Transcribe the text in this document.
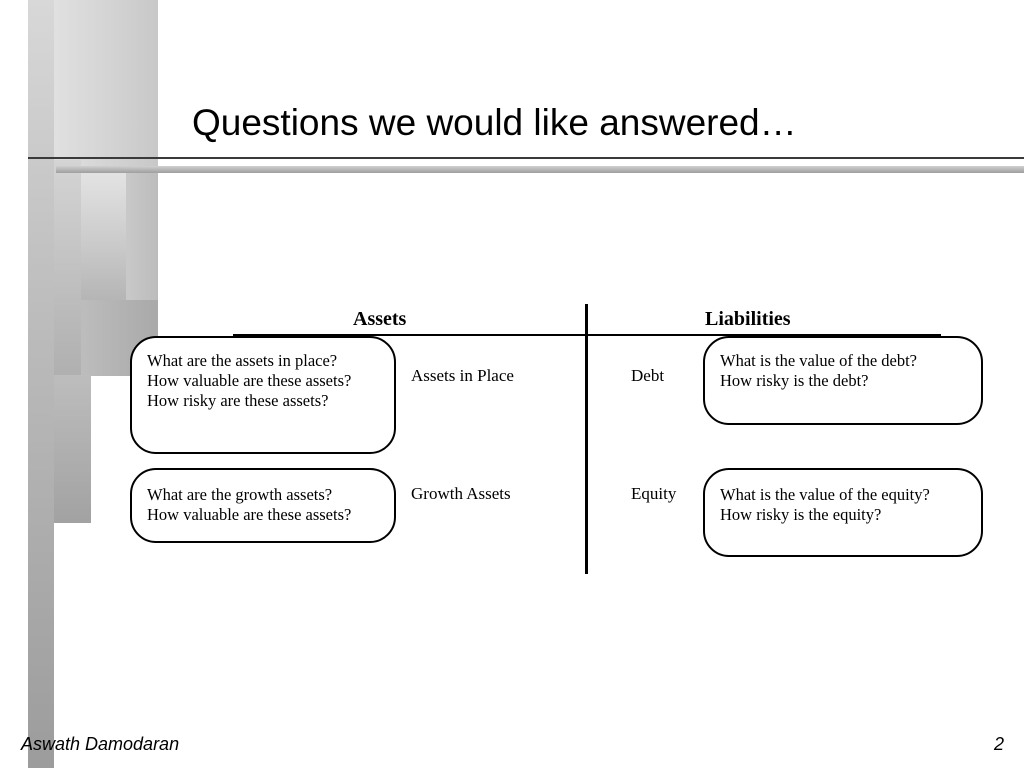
Questions we would like answered…
Assets	Liabilities
Assets in Place
Growth Assets
Debt
Equity
What are the assets in place?
How valuable are these assets?
How risky are these assets?
What are the growth assets?
How valuable are these assets?
What is the value of the debt?
How risky is the debt?
What is the value of the equity?
How risky is the equity?
Aswath Damodaran	2
